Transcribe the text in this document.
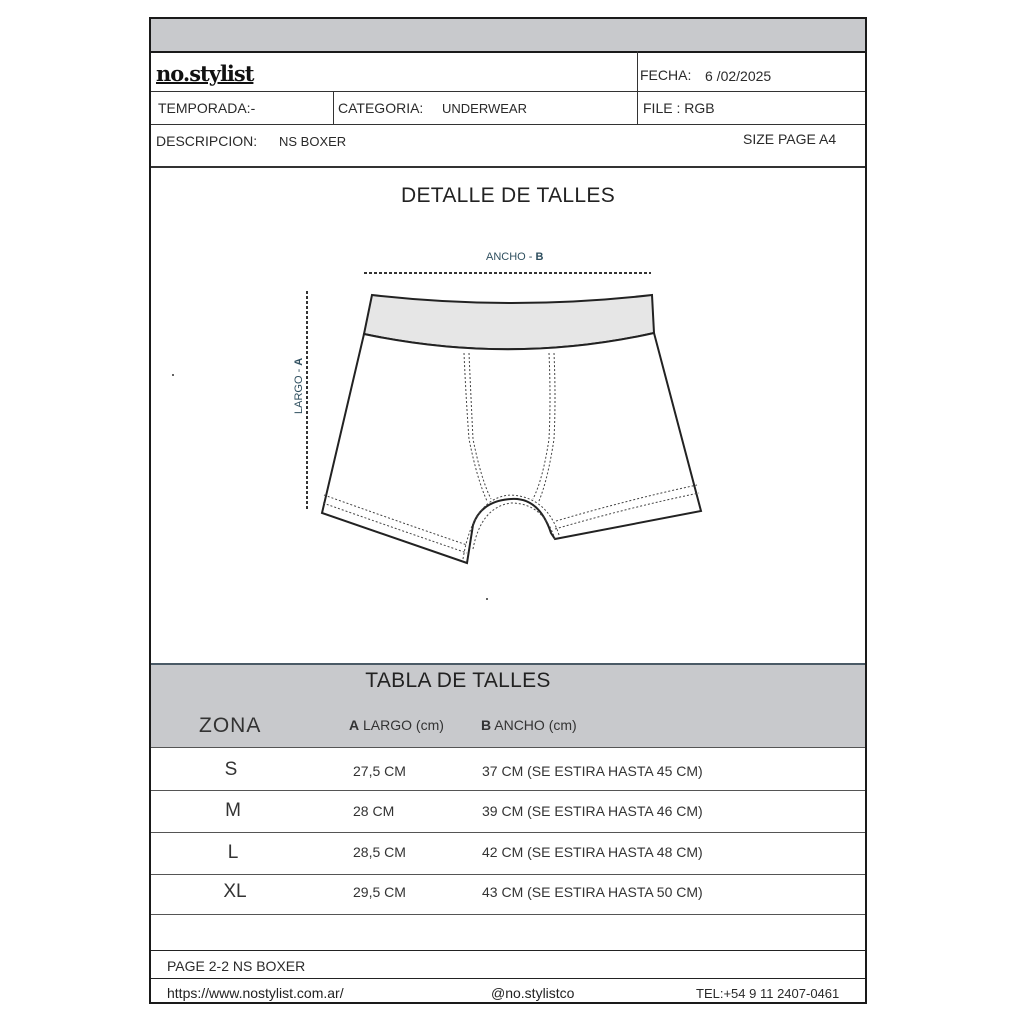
no.stylist	FECHA: 6 /02/2025
TEMPORADA:-	CATEGORIA: UNDERWEAR	FILE : RGB
DESCRIPCION: NS BOXER	SIZE PAGE A4
DETALLE DE TALLES
ANCHO - B
LARGO - A
TABLA DE TALLES
ZONA	A LARGO (cm)	B ANCHO (cm)
S	27,5 CM	37 CM (SE ESTIRA HASTA 45 CM)
M	28 CM	39 CM (SE ESTIRA HASTA 46 CM)
L	28,5 CM	42 CM (SE ESTIRA HASTA 48 CM)
XL	29,5 CM	43 CM (SE ESTIRA HASTA 50 CM)
PAGE 2-2 NS BOXER
https://www.nostylist.com.ar/	@no.stylistco	TEL:+54 9 11 2407-0461
